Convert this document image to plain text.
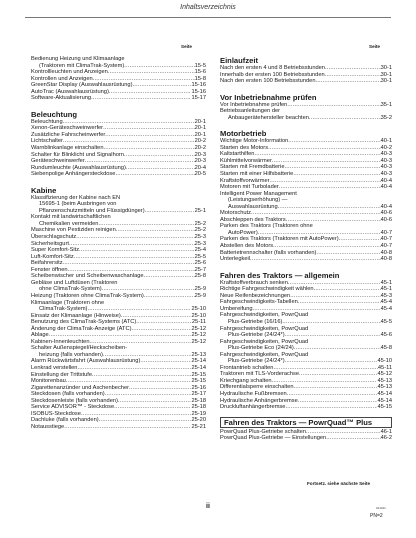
Inhaltsverzeichnis
Seite	Seite
Bedienung Heizung und Klimaanlage
(Traktoren mit ClimaTrak-System) .....	15-5
Kontrollleuchten und Anzeigen .....	15-6
Kontrollen und Anzeigen .....	15-8
GreenStar Display (Auswahlausrüstung) .....	15-16
AutoTrac (Auswahlausrüstung) .....	15-16
Software-Aktualisierung .....	15-17
Beleuchtung
Beleuchtung .....	20-1
Xenon-Geräteschweinwerfer .....	20-1
Zusätzliche Fahrscheinwerfer .....	20-1
Lichtschalter .....	20-2
Warnblinkanlage einschalten .....	20-2
Schalter für Blinklicht und Signalhorn .....	20-3
Geräteschweinwerfer .....	20-3
Rundumleuchte (Auswahlausrüstung) .....	20-4
Siebenpolige Anhängersteckdose .....	20-5
Kabine
Klassifizierung der Kabine nach EN
15695-1 (beim Ausbringen von
Pflanzenschutzmitteln und Flüssigdünger) .....	25-1
Kontakt mit landwirtschaftlichen
Chemikalien vermeiden .....	25-2
Maschine von Pestiziden reinigen .....	25-2
Überschlagschutz .....	25-3
Sicherheitsgurt .....	25-3
Super Komfort-Sitz .....	25-4
Luft-Komfort-Sitz .....	25-5
Beifahrersitz .....	25-6
Fenster öffnen .....	25-7
Scheibenwischer und Scheibenwaschanlage .....	25-8
Gebläse und Luftdüsen (Traktoren
ohne ClimaTrak-System) .....	25-9
Heizung (Traktoren ohne ClimaTrak-System) .....	25-9
Klimaanlage (Traktoren ohne
ClimaTrak-System) .....	25-10
Einsatz der Klimaanlage (Hinweise) .....	25-10
Benutzung des ClimaTrak-Systems (ATC) .....	25-11
Änderung der ClimaTrak-Anzeige (ATC) .....	25-12
Ablage .....	25-12
Kabinen-Innenleuchten .....	25-12
Schalter Außenspiegel/Heckscheiben-
heizung (falls vorhanden) .....	25-13
Alarm Rückwärtsfahrt (Auswahlausrüstung) .....	25-14
Lenkrad verstellen .....	25-14
Einstellung der Trittstufe .....	25-15
Monitorenbau .....	25-15
Zigarettenanzünder und Aschenbecher .....	25-16
Steckdosen (falls vorhanden) .....	25-17
Steckdosenleiste (falls vorhanden) .....	25-18
Service ADVISOR™ - Steckdose .....	25-18
ISOBUS-Steckdose .....	25-19
Dachluke (falls vorhanden) .....	25-20
Notausstiege .....	25-21
Einlaufzeit
Nach den ersten 4 und 8 Betriebsstunden .....	30-1
Innerhalb der ersten 100 Betriebsstunden .....	30-1
Nach den ersten 100 Betriebsstunden .....	30-1
Vor Inbetriebnahme prüfen
Vor Inbetriebnahme prüfen .....	35-1
Betriebsanleitungen der
Anbaugerätehersteller beachten .....	35-2
Motorbetrieb
Wichtige Motor-Information .....	40-1
Starten des Motors .....	40-2
Kaltstarthilfen .....	40-3
Kühlmittelvorwärmer .....	40-3
Starten mit Fremdbatterie .....	40-3
Starten mit einer Hilfsbatterie .....	40-3
Kraftstoffvorwärmer .....	40-4
Motoren mit Turbolader .....	40-4
Intelligent Power Management
(Leistungserhöhung) —
Auswahlausrüstung .....	40-4
Motorschutz .....	40-6
Abschleppen des Traktors .....	40-6
Parken des Traktors (Traktoren ohne
AutoPower) .....	40-7
Parken des Traktors (Traktoren mit AutoPower) .....	40-7
Abstellen des Motors .....	40-7
Batterietrennschalter (falls vorhanden) .....	40-8
Unterlegkeil .....	40-8
Fahren des Traktors — allgemein
Kraftstoffverbrauch senken .....	45-1
Richtige Fahrgeschwindigkeit wählen .....	45-1
Neue Reifenbezeichnungen .....	45-3
Fahrgeschwindigkeits-Tabellen .....	45-4
Umbereifung .....	45-4
Fahrgeschwindigkeiten, PowrQuad
Plus-Getriebe (16/16) .....	45-5
Fahrgeschwindigkeiten, PowrQuad
Plus-Getriebe (24/24*) .....	45-6
Fahrgeschwindigkeiten, PowrQuad
Plus-Getriebe Eco (24/24) .....	45-8
Fahrgeschwindigkeiten, PowrQuad
Plus-Getriebe (24/24*) .....	45-10
Frontantrieb schalten .....	45-11
Traktoren mit TLS-Vorderachse .....	45-12
Kriechgang schalten .....	45-13
Differentialsperre einschalten .....	45-13
Hydraulische Fußbremsen .....	45-14
Hydraulische Anhängerbremse .....	45-14
Druckluftanhängerbremse .....	45-15
Fahren des Traktors — PowrQuad™ Plus
PowrQuad Plus-Getriebe schalten .....	46-1
PowrQuad Plus-Getriebe — Einstellungen .....	46-2
Fortsetz. siehe nächste Seite
ii	041911
PN=2
